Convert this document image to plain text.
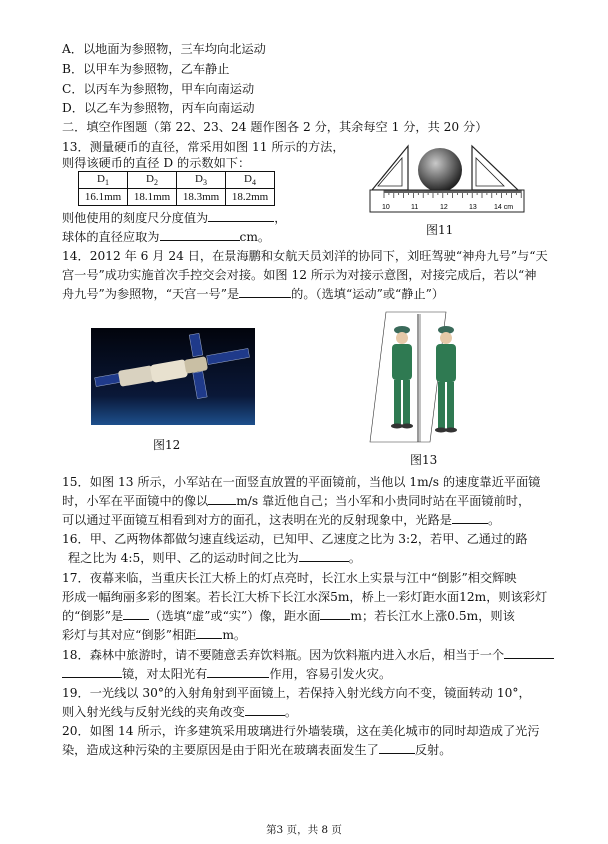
A．以地面为参照物，三车均向北运动
B．以甲车为参照物，乙车静止
C．以丙车为参照物，甲车向南运动
D．以乙车为参照物，丙车向南运动
二．填空作图题（第 22、23、24 题作图各 2 分，其余每空 1 分，共 20 分）
13．测量硬币的直径，常采用如图 11 所示的方法，
则得该硬币的直径 D 的示数如下：
$D_1$	$D_2$	$D_3$	$D_4$
16.1mm	18.1mm	18.3mm	18.2mm
则他使用的刻度尺分度值为	，
球体的直径应取为	cm。
10	11	12	13 14 cm
图11
14．2012 年 6 月 24 日，在景海鹏和女航天员刘洋的协同下，刘旺驾驶“神舟九号”与“天
宫一号”成功实施首次手控交会对接。如图 12 所示为对接示意图，对接完成后，若以“神
舟九号”为参照物，“天宫一号”是	的。（选填“运动”或“静止”）
图12
图13
15．如图 13 所示，小军站在一面竖直放置的平面镜前，当他以 1m/s 的速度靠近平面镜
时，小军在平面镜中的像以 m/s 靠近他自己；当小军和小贵同时站在平面镜前时，
可以通过平面镜互相看到对方的面孔，这表明在光的反射现象中，光路是	。
16．甲、乙两物体都做匀速直线运动，已知甲、乙速度之比为 3:2，若甲、乙通过的路
程之比为 4:5，则甲、乙的运动时间之比为	。
17．夜幕来临，当重庆长江大桥上的灯点亮时，长江水上实景与江中“倒影”相交辉映
形成一幅绚丽多彩的图案。若长江大桥下长江水深5m，桥上一彩灯距水面12m，则该彩灯
的“倒影”是 （选填“虚”或“实”）像，距水面 m；若长江水上涨0.5m，则该
彩灯与其对应“倒影”相距 m。
18．森林中旅游时，请不要随意丢弃饮料瓶。因为饮料瓶内进入水后，相当于一个
镜，对太阳光有	作用，容易引发火灾。
19．一光线以 30°的入射角射到平面镜上，若保持入射光线方向不变，镜面转动 10°，
则入射光线与反射光线的夹角改变	。
20．如图 14 所示，许多建筑采用玻璃进行外墙装璜，这在美化城市的同时却造成了光污
染，造成这种污染的主要原因是由于阳光在玻璃表面发生了	反射。
第3 页，共 8 页
